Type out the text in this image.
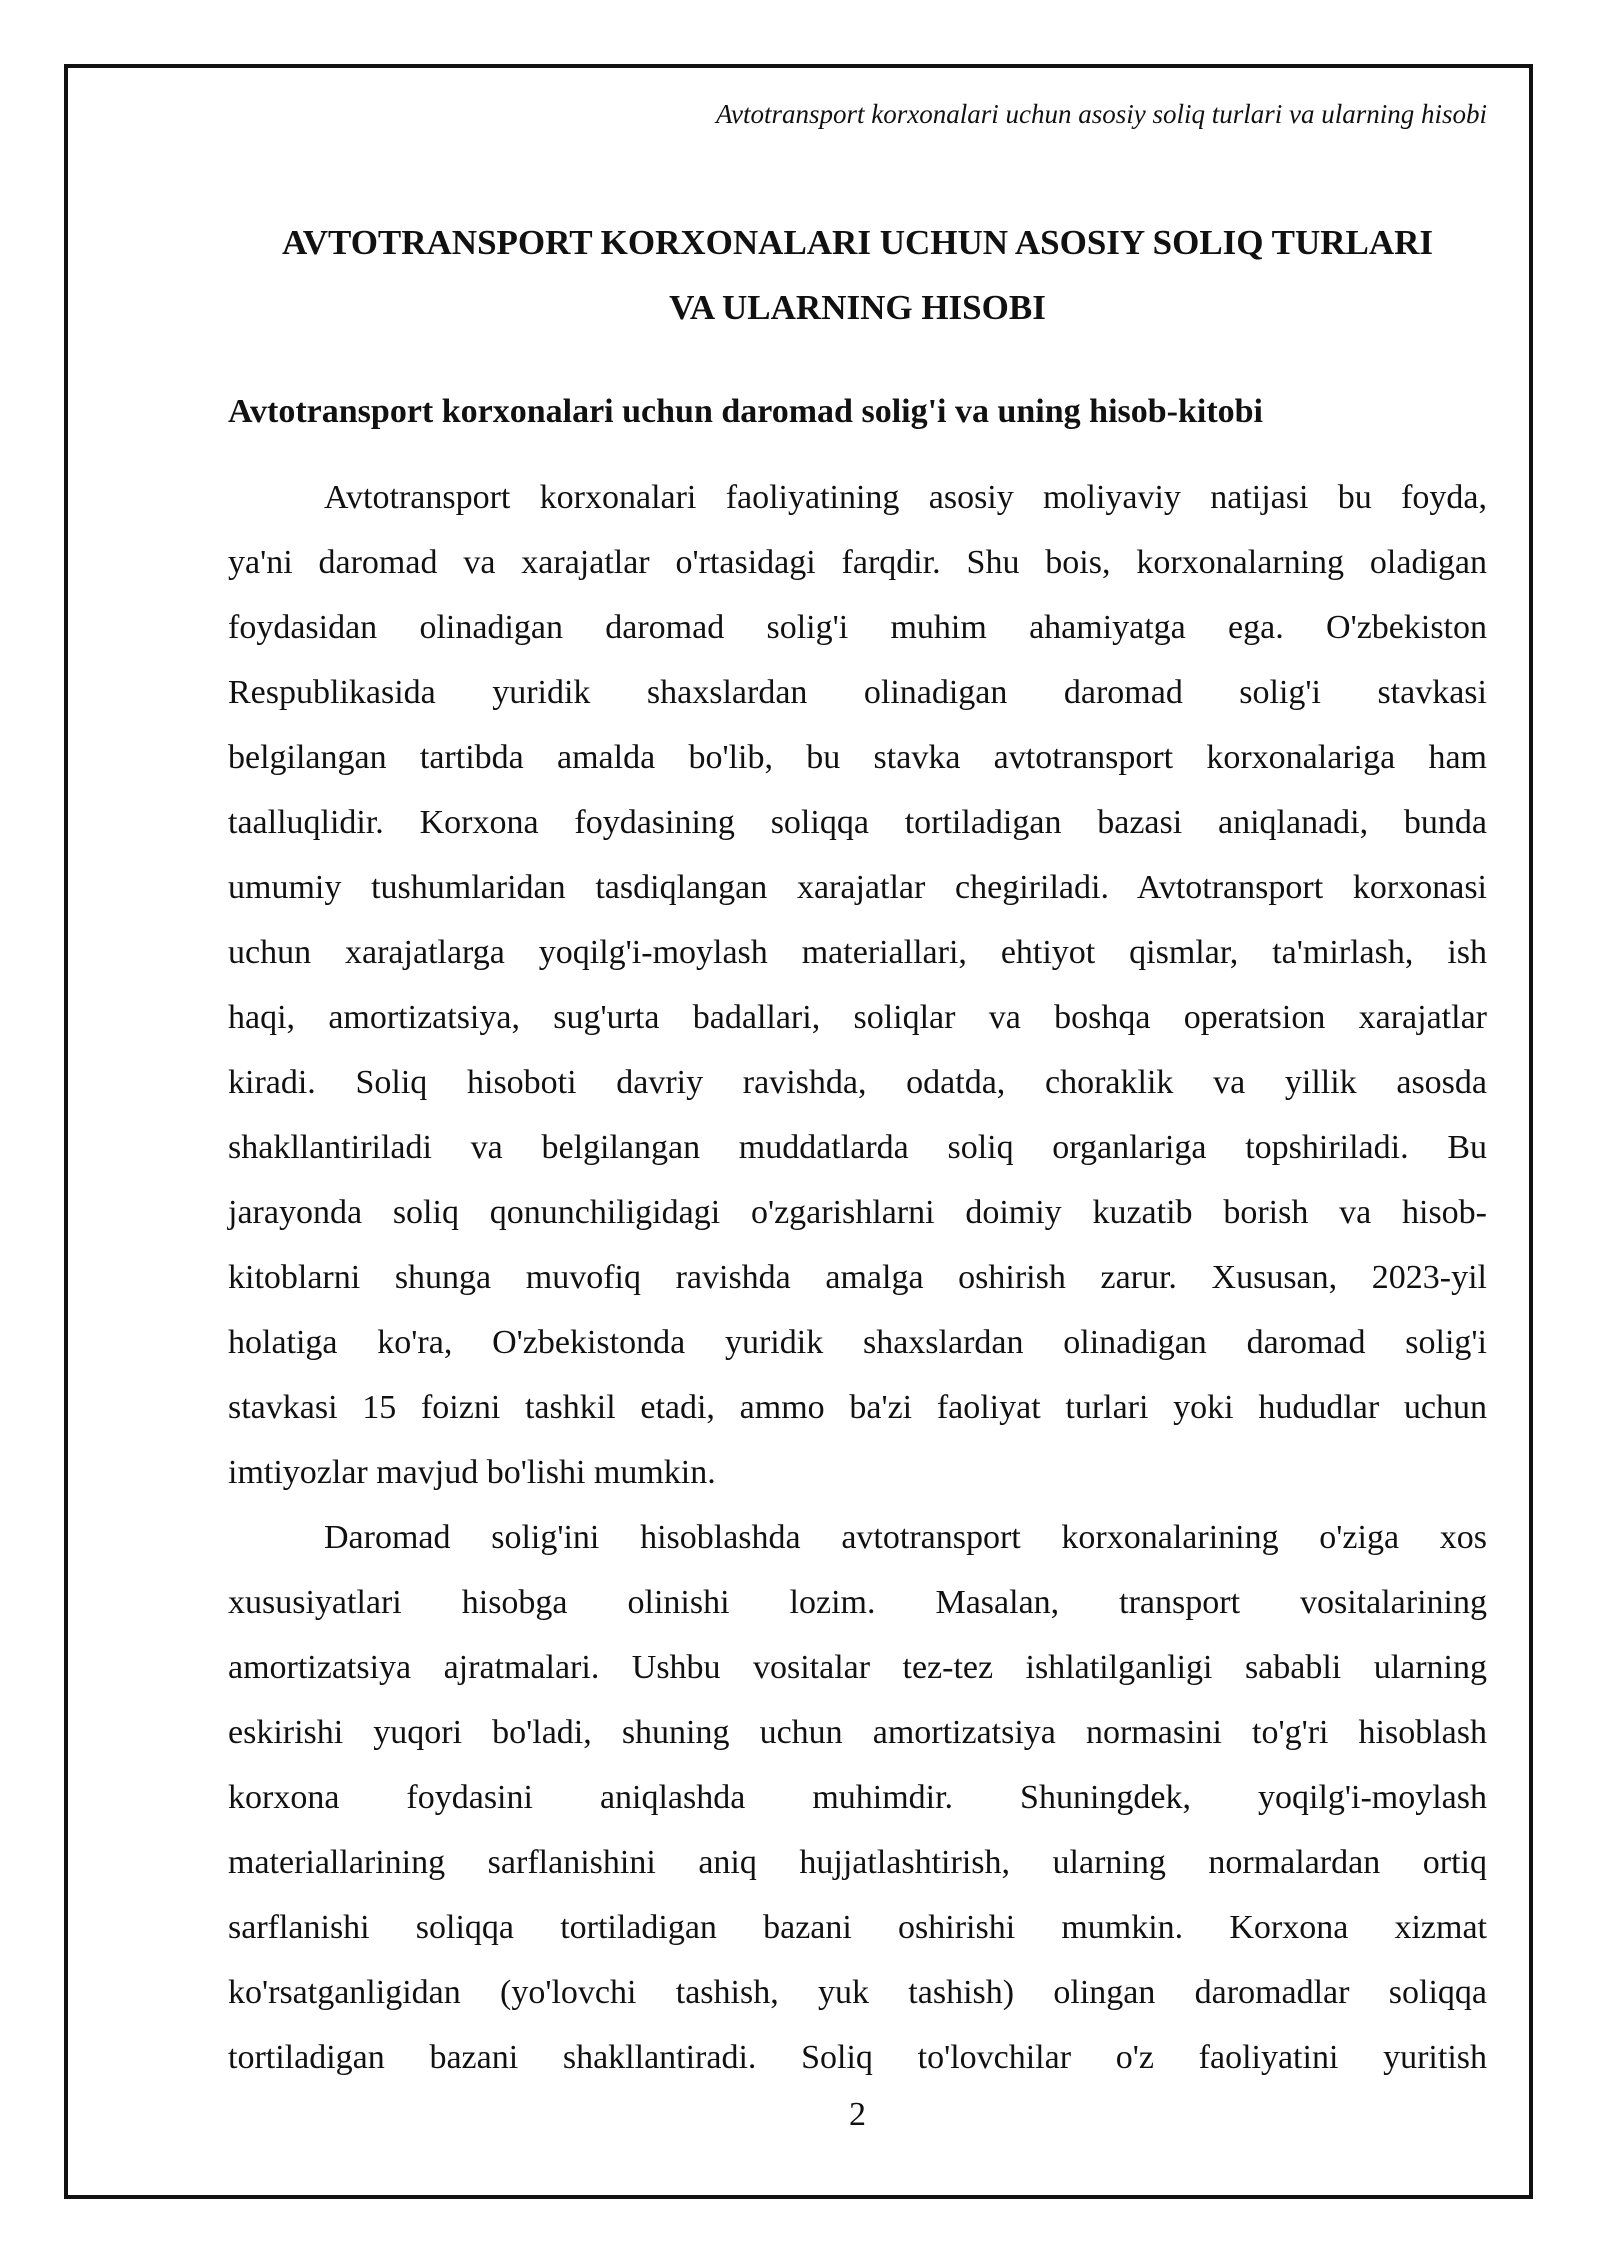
Avtotransport korxonalari uchun asosiy soliq turlari va ularning hisobi
AVTOTRANSPORT KORXONALARI UCHUN ASOSIY SOLIQ TURLARI
VA ULARNING HISOBI
Avtotransport korxonalari uchun daromad solig'i va uning hisob-kitobi
Avtotransport korxonalari faoliyatining asosiy moliyaviy natijasi bu foyda,
ya'ni daromad va xarajatlar o'rtasidagi farqdir. Shu bois, korxonalarning oladigan
foydasidan olinadigan daromad solig'i muhim ahamiyatga ega. O'zbekiston
Respublikasida yuridik shaxslardan olinadigan daromad solig'i stavkasi
belgilangan tartibda amalda bo'lib, bu stavka avtotransport korxonalariga ham
taalluqlidir. Korxona foydasining soliqqa tortiladigan bazasi aniqlanadi, bunda
umumiy tushumlaridan tasdiqlangan xarajatlar chegiriladi. Avtotransport korxonasi
uchun xarajatlarga yoqilg'i-moylash materiallari, ehtiyot qismlar, ta'mirlash, ish
haqi, amortizatsiya, sug'urta badallari, soliqlar va boshqa operatsion xarajatlar
kiradi. Soliq hisoboti davriy ravishda, odatda, choraklik va yillik asosda
shakllantiriladi va belgilangan muddatlarda soliq organlariga topshiriladi. Bu
jarayonda soliq qonunchiligidagi o'zgarishlarni doimiy kuzatib borish va hisob-
kitoblarni shunga muvofiq ravishda amalga oshirish zarur. Xususan, 2023-yil
holatiga ko'ra, O'zbekistonda yuridik shaxslardan olinadigan daromad solig'i
stavkasi 15 foizni tashkil etadi, ammo ba'zi faoliyat turlari yoki hududlar uchun
imtiyozlar mavjud bo'lishi mumkin.
Daromad solig'ini hisoblashda avtotransport korxonalarining o'ziga xos
xususiyatlari hisobga olinishi lozim. Masalan, transport vositalarining
amortizatsiya ajratmalari. Ushbu vositalar tez-tez ishlatilganligi sababli ularning
eskirishi yuqori bo'ladi, shuning uchun amortizatsiya normasini to'g'ri hisoblash
korxona foydasini aniqlashda muhimdir. Shuningdek, yoqilg'i-moylash
materiallarining sarflanishini aniq hujjatlashtirish, ularning normalardan ortiq
sarflanishi soliqqa tortiladigan bazani oshirishi mumkin. Korxona xizmat
ko'rsatganligidan (yo'lovchi tashish, yuk tashish) olingan daromadlar soliqqa
tortiladigan bazani shakllantiradi. Soliq to'lovchilar o'z faoliyatini yuritish
2
